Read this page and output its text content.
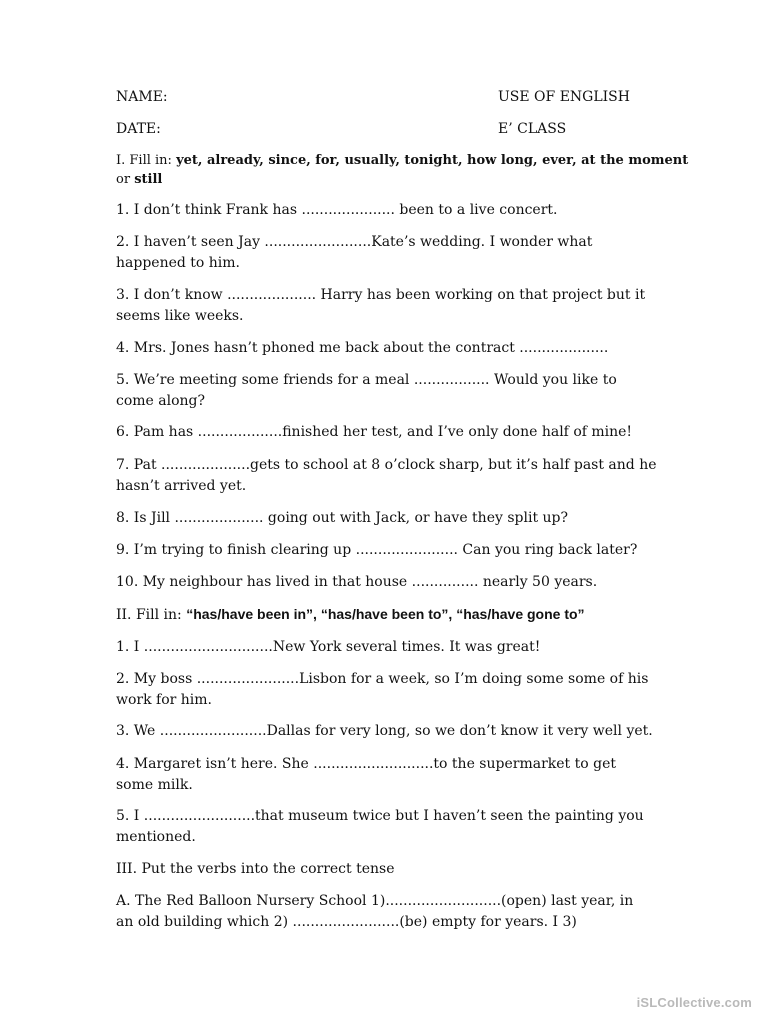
NAME:	USE OF ENGLISH
DATE:	E’ CLASS
I. Fill in: yet, already, since, for, usually, tonight, how long, ever, at the moment
or still
1. I don’t think Frank has ..................... been to a live concert.
2. I haven’t seen Jay ........................Kate’s wedding. I wonder what
happened to him.
3. I don’t know .................... Harry has been working on that project but it
seems like weeks.
4. Mrs. Jones hasn’t phoned me back about the contract ....................
5. We’re meeting some friends for a meal ................. Would you like to
come along?
6. Pam has ...................finished her test, and I’ve only done half of mine!
7. Pat ....................gets to school at 8 o’clock sharp, but it’s half past and he
hasn’t arrived yet.
8. Is Jill .................... going out with Jack, or have they split up?
9. I’m trying to finish clearing up ....................... Can you ring back later?
10. My neighbour has lived in that house ............... nearly 50 years.
II. Fill in: “has/have been in”, “has/have been to”, “has/have gone to”
1. I .............................New York several times. It was great!
2. My boss .......................Lisbon for a week, so I’m doing some some of his
work for him.
3. We ........................Dallas for very long, so we don’t know it very well yet.
4. Margaret isn’t here. She ...........................to the supermarket to get
some milk.
5. I .........................that museum twice but I haven’t seen the painting you
mentioned.
III. Put the verbs into the correct tense
A. The Red Balloon Nursery School 1)..........................(open) last year, in
an old building which 2) ........................(be) empty for years. I 3)
iSLCollective.com
